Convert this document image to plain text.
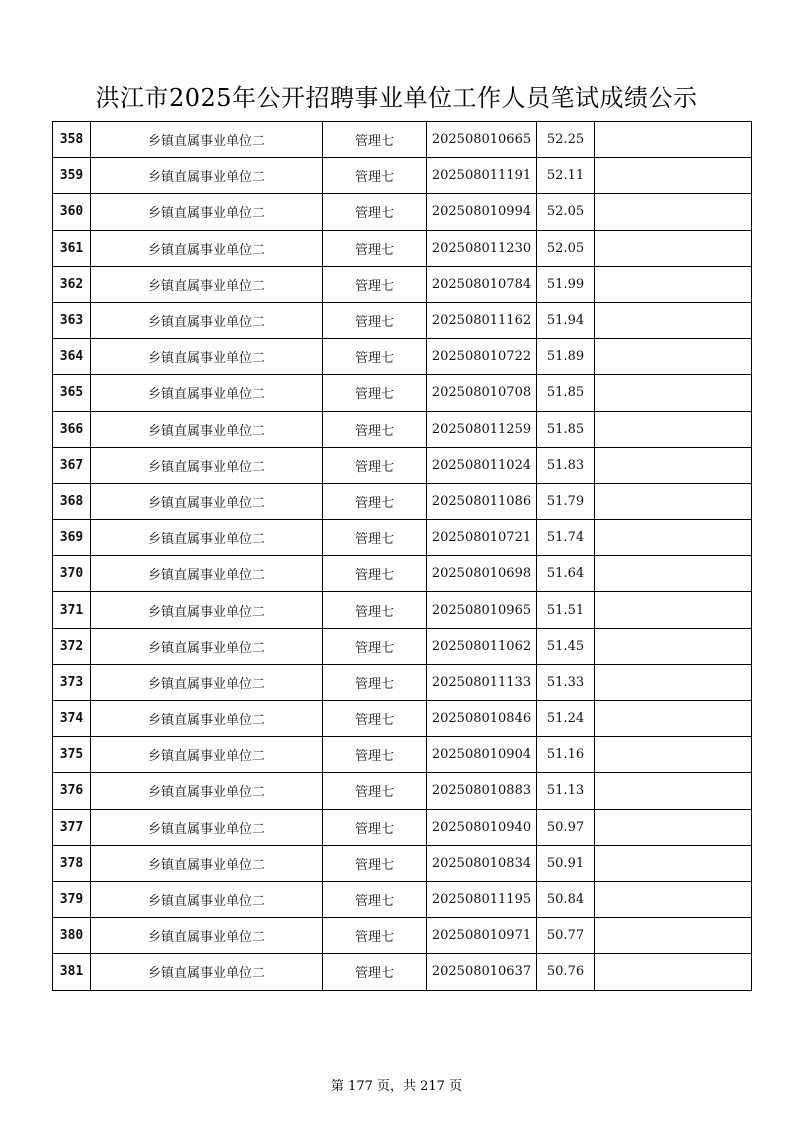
洪江市2025年公开招聘事业单位工作人员笔试成绩公示
358	乡镇直属事业单位二	管理七	202508010665	52.25	
359	乡镇直属事业单位二	管理七	202508011191	52.11	
360	乡镇直属事业单位二	管理七	202508010994	52.05	
361	乡镇直属事业单位二	管理七	202508011230	52.05	
362	乡镇直属事业单位二	管理七	202508010784	51.99	
363	乡镇直属事业单位二	管理七	202508011162	51.94	
364	乡镇直属事业单位二	管理七	202508010722	51.89	
365	乡镇直属事业单位二	管理七	202508010708	51.85	
366	乡镇直属事业单位二	管理七	202508011259	51.85	
367	乡镇直属事业单位二	管理七	202508011024	51.83	
368	乡镇直属事业单位二	管理七	202508011086	51.79	
369	乡镇直属事业单位二	管理七	202508010721	51.74	
370	乡镇直属事业单位二	管理七	202508010698	51.64	
371	乡镇直属事业单位二	管理七	202508010965	51.51	
372	乡镇直属事业单位二	管理七	202508011062	51.45	
373	乡镇直属事业单位二	管理七	202508011133	51.33	
374	乡镇直属事业单位二	管理七	202508010846	51.24	
375	乡镇直属事业单位二	管理七	202508010904	51.16	
376	乡镇直属事业单位二	管理七	202508010883	51.13	
377	乡镇直属事业单位二	管理七	202508010940	50.97	
378	乡镇直属事业单位二	管理七	202508010834	50.91	
379	乡镇直属事业单位二	管理七	202508011195	50.84	
380	乡镇直属事业单位二	管理七	202508010971	50.77	
381	乡镇直属事业单位二	管理七	202508010637	50.76	
第 177 页，共 217 页
